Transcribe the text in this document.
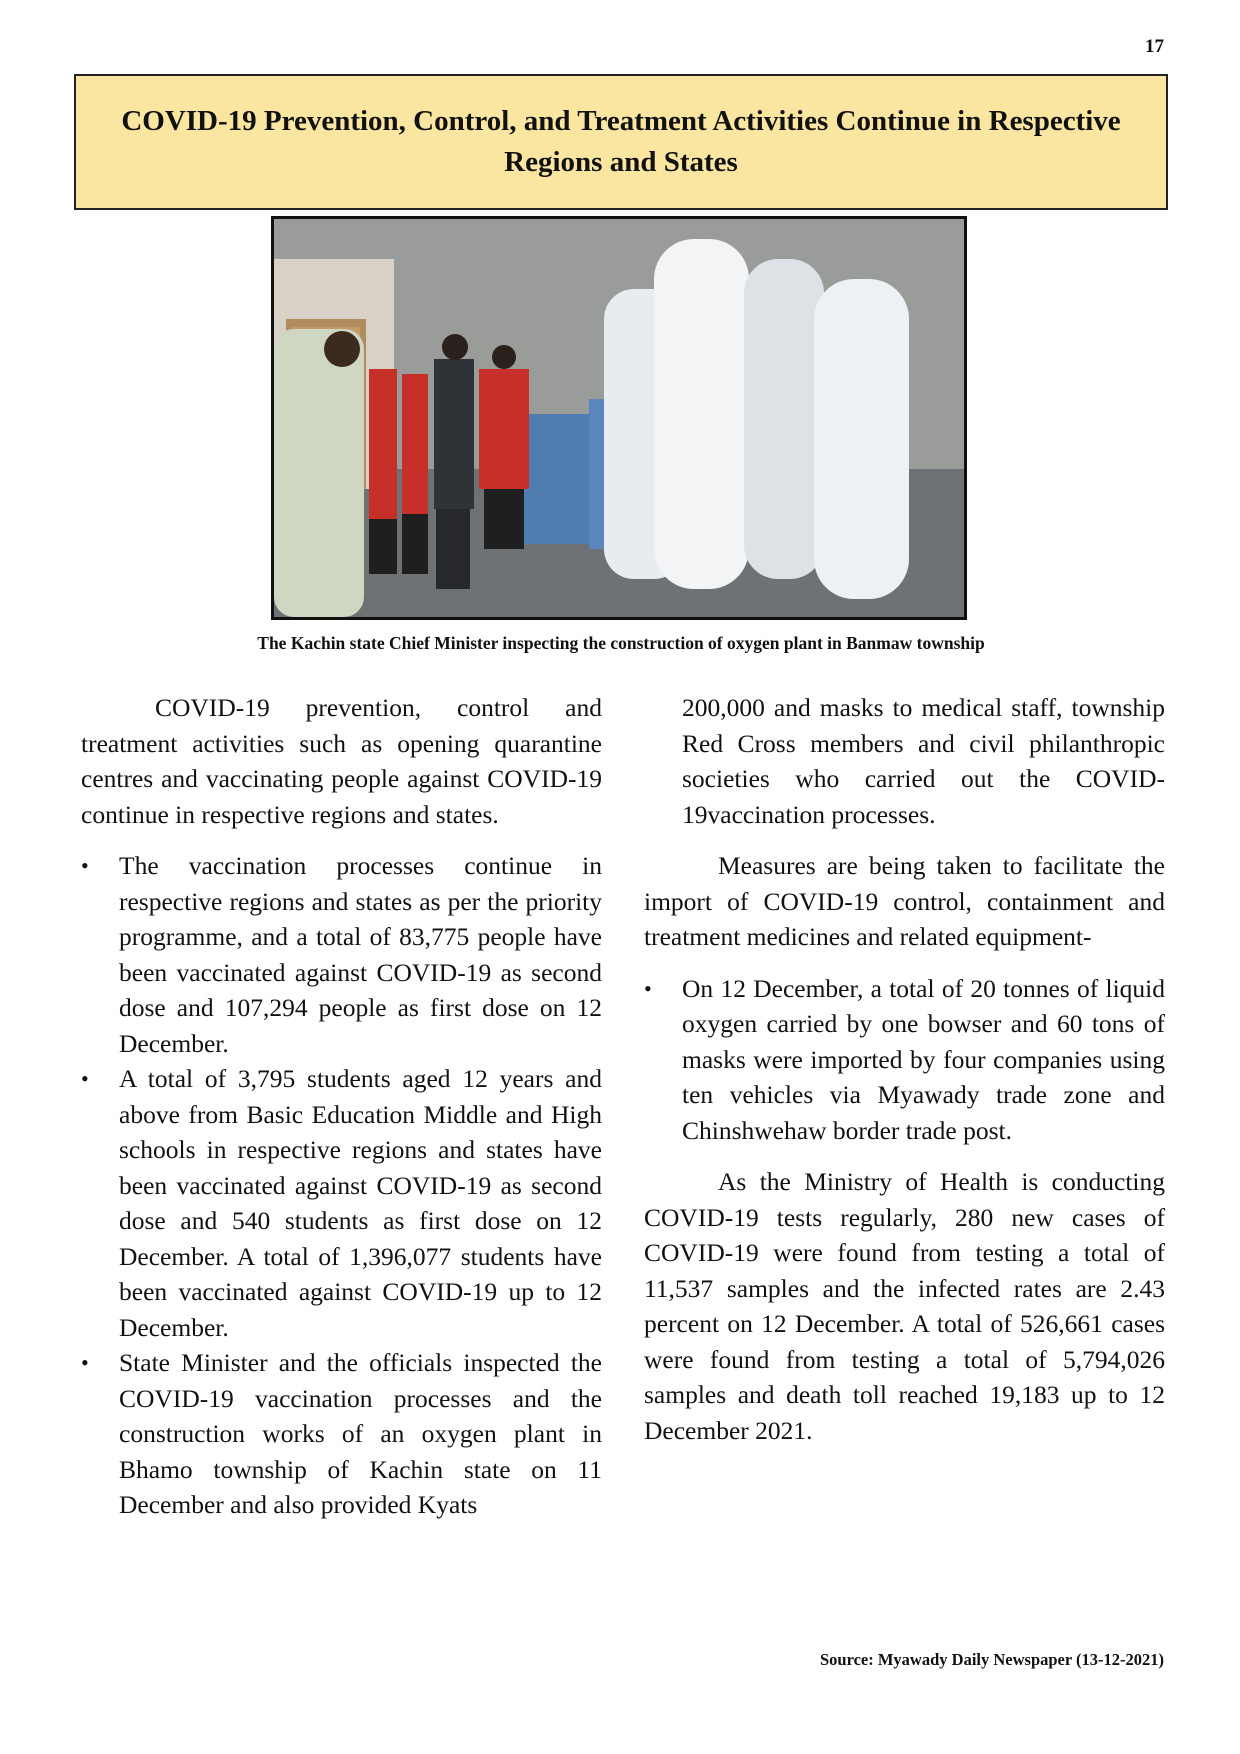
17
COVID-19 Prevention, Control, and Treatment Activities Continue in Respective Regions and States
The Kachin state Chief Minister inspecting the construction of oxygen plant in Banmaw township

COVID-19 prevention, control and treatment activities such as opening quarantine centres and vaccinating people against COVID-19 continue in respective regions and states.

• The vaccination processes continue in respective regions and states as per the priority programme, and a total of 83,775 people have been vaccinated against COVID-19 as second dose and 107,294 people as first dose on 12 December.
• A total of 3,795 students aged 12 years and above from Basic Education Middle and High schools in respective regions and states have been vaccinated against COVID-19 as second dose and 540 students as first dose on 12 December. A total of 1,396,077 students have been vaccinated against COVID-19 up to 12 December.
• State Minister and the officials inspected the COVID-19 vaccination processes and the construction works of an oxygen plant in Bhamo township of Kachin state on 11 December and also provided Kyats

200,000 and masks to medical staff, township Red Cross members and civil philanthropic societies who carried out the COVID-19vaccination processes.

Measures are being taken to facilitate the import of COVID-19 control, containment and treatment medicines and related equipment-

• On 12 December, a total of 20 tonnes of liquid oxygen carried by one bowser and 60 tons of masks were imported by four companies using ten vehicles via Myawady trade zone and Chinshwehaw border trade post.

As the Ministry of Health is conducting COVID-19 tests regularly, 280 new cases of COVID-19 were found from testing a total of 11,537 samples and the infected rates are 2.43 percent on 12 December. A total of 526,661 cases were found from testing a total of 5,794,026 samples and death toll reached 19,183 up to 12 December 2021.

Source: Myawady Daily Newspaper (13-12-2021)
